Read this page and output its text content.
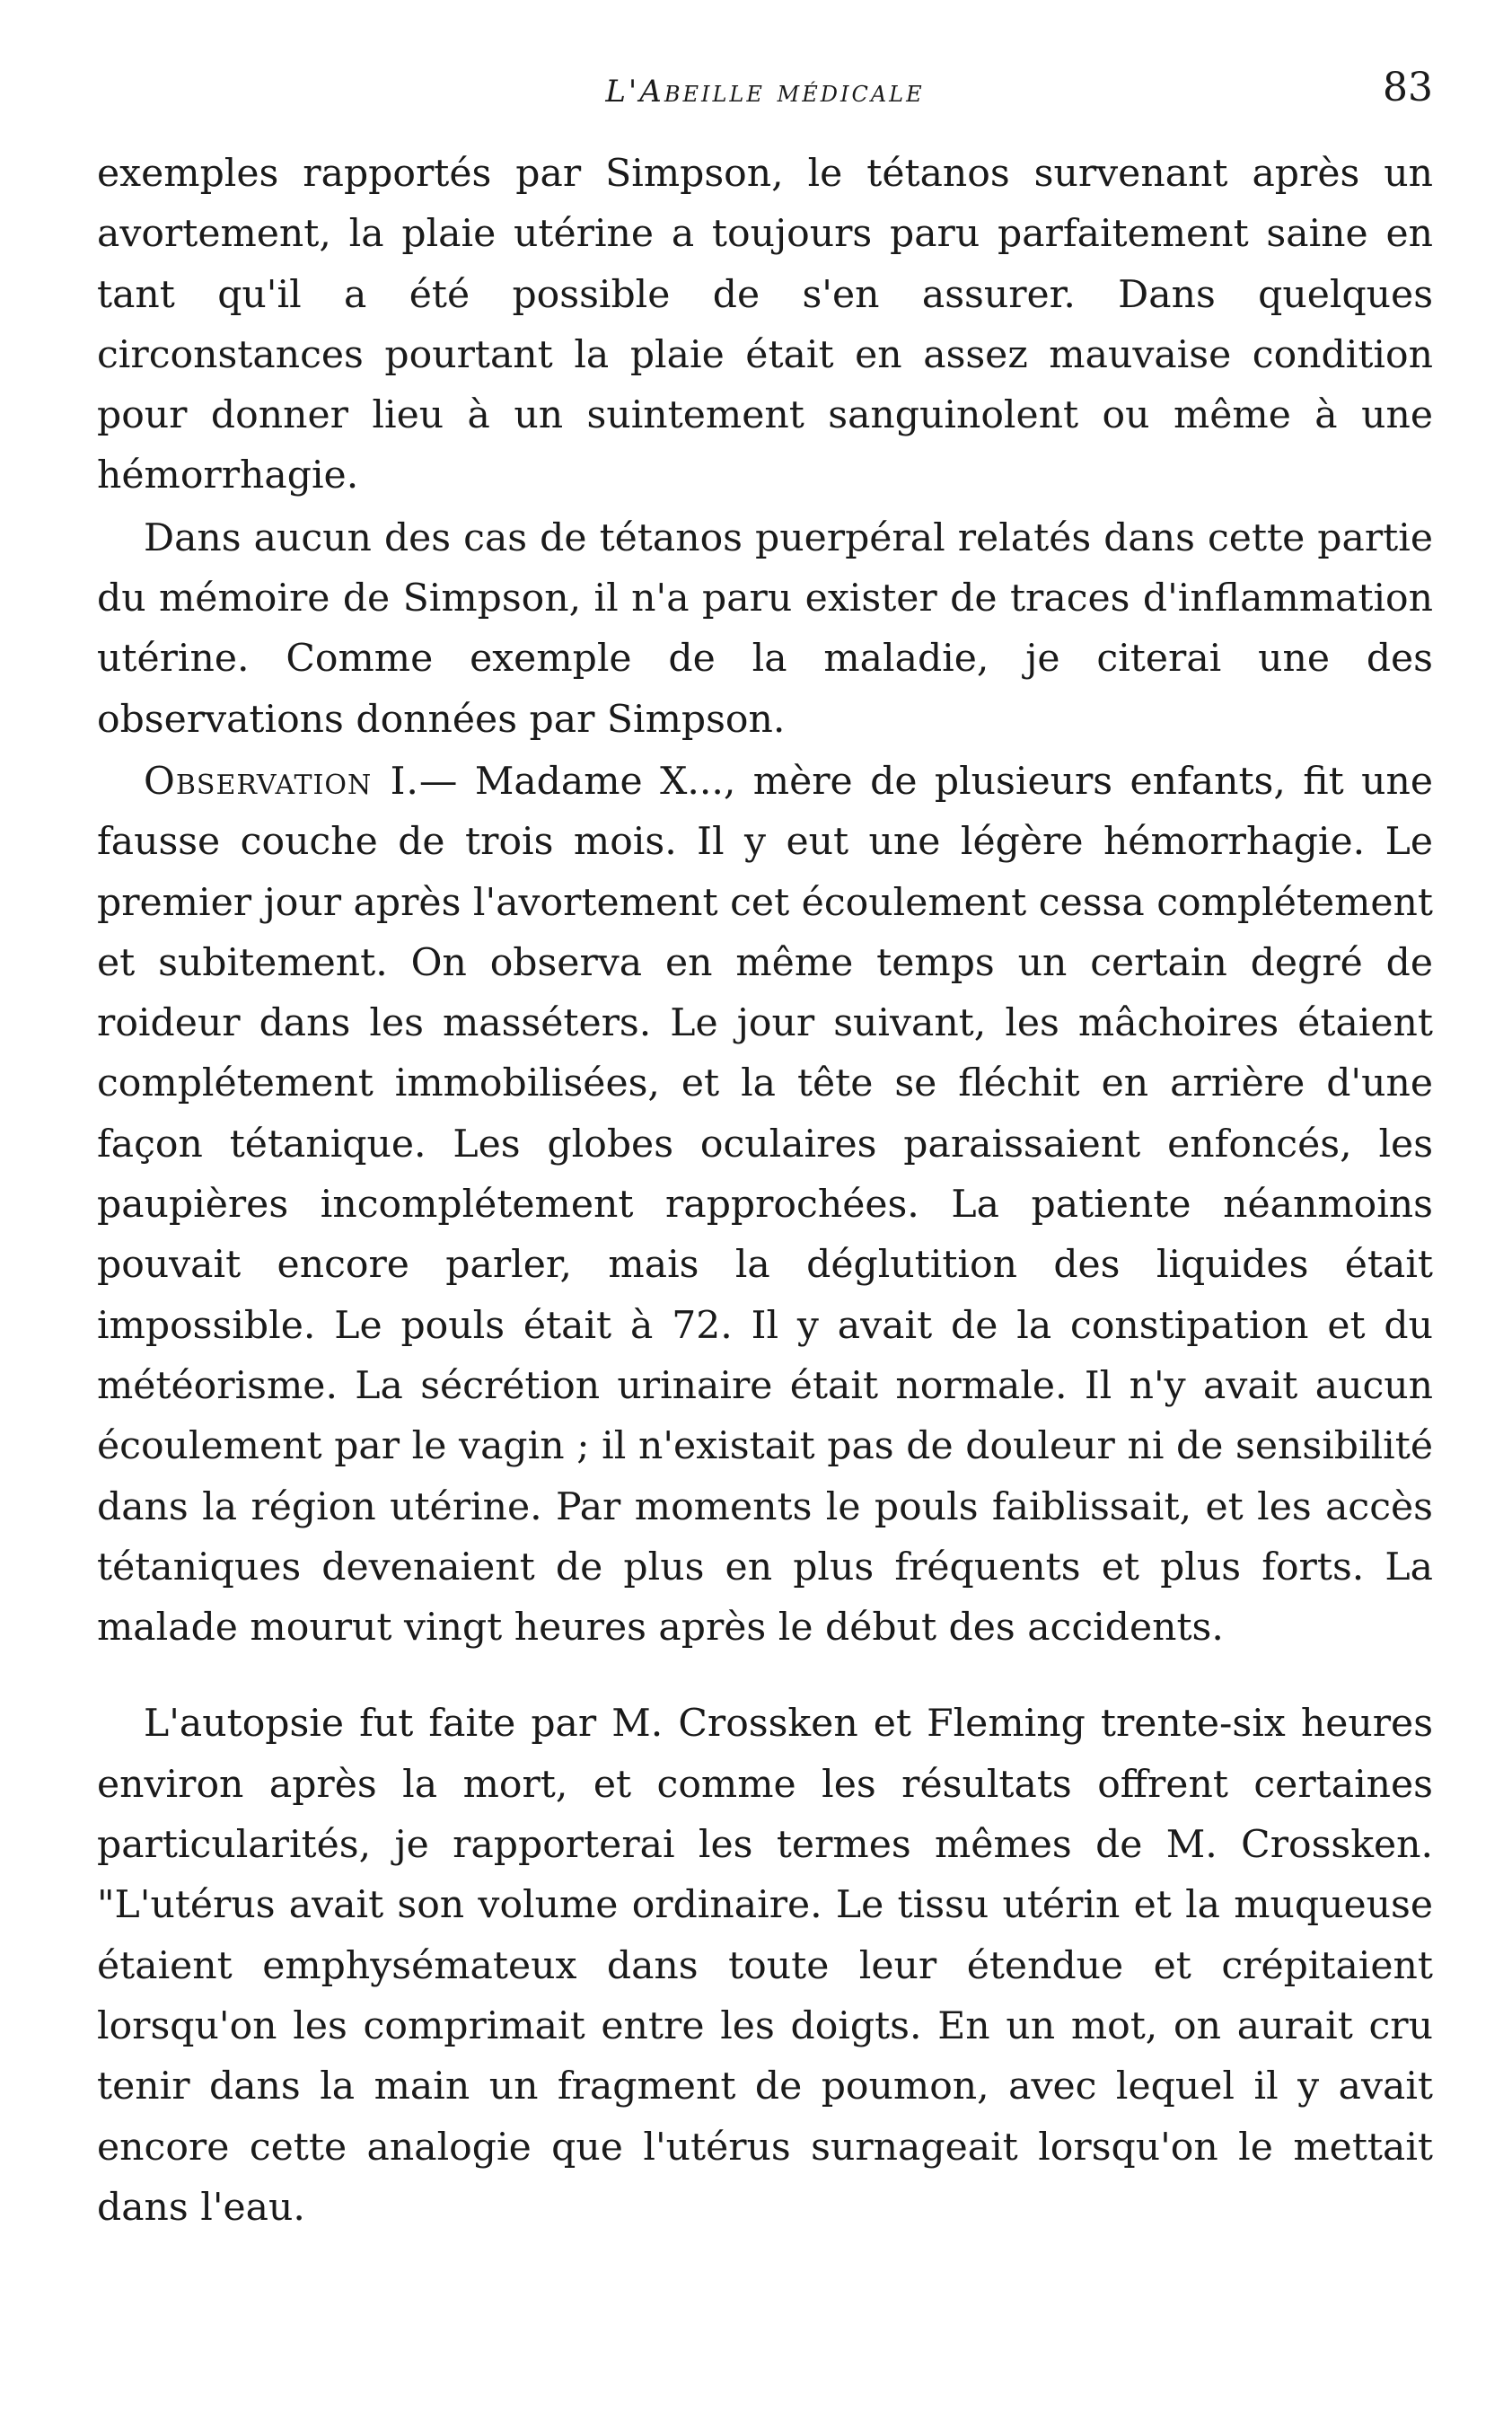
L'Abeille médicale	83

exemples rapportés par Simpson, le tétanos survenant après un avortement, la plaie utérine a toujours paru parfaitement saine en tant qu'il a été possible de s'en assurer. Dans quelques circonstances pourtant la plaie était en assez mauvaise condition pour donner lieu à un suintement sanguinolent ou même à une hémorrhagie.

Dans aucun des cas de tétanos puerpéral relatés dans cette partie du mémoire de Simpson, il n'a paru exister de traces d'inflammation utérine. Comme exemple de la maladie, je citerai une des observations données par Simpson.

Observation I.— Madame X..., mère de plusieurs enfants, fit une fausse couche de trois mois. Il y eut une légère hémorrhagie. Le premier jour après l'avortement cet écoulement cessa complétement et subitement. On observa en même temps un certain degré de roideur dans les masséters. Le jour suivant, les mâchoires étaient complétement immobilisées, et la tête se fléchit en arrière d'une façon tétanique. Les globes oculaires paraissaient enfoncés, les paupières incomplétement rapprochées. La patiente néanmoins pouvait encore parler, mais la déglutition des liquides était impossible. Le pouls était à 72. Il y avait de la constipation et du météorisme. La sécrétion urinaire était normale. Il n'y avait aucun écoulement par le vagin ; il n'existait pas de douleur ni de sensibilité dans la région utérine. Par moments le pouls faiblissait, et les accès tétaniques devenaient de plus en plus fréquents et plus forts. La malade mourut vingt heures après le début des accidents.

L'autopsie fut faite par M. Crossken et Fleming trente-six heures environ après la mort, et comme les résultats offrent certaines particularités, je rapporterai les termes mêmes de M. Crossken. "L'utérus avait son volume ordinaire. Le tissu utérin et la muqueuse étaient emphysémateux dans toute leur étendue et crépitaient lorsqu'on les comprimait entre les doigts. En un mot, on aurait cru tenir dans la main un fragment de poumon, avec lequel il y avait encore cette analogie que l'utérus surnageait lorsqu'on le mettait dans l'eau.
